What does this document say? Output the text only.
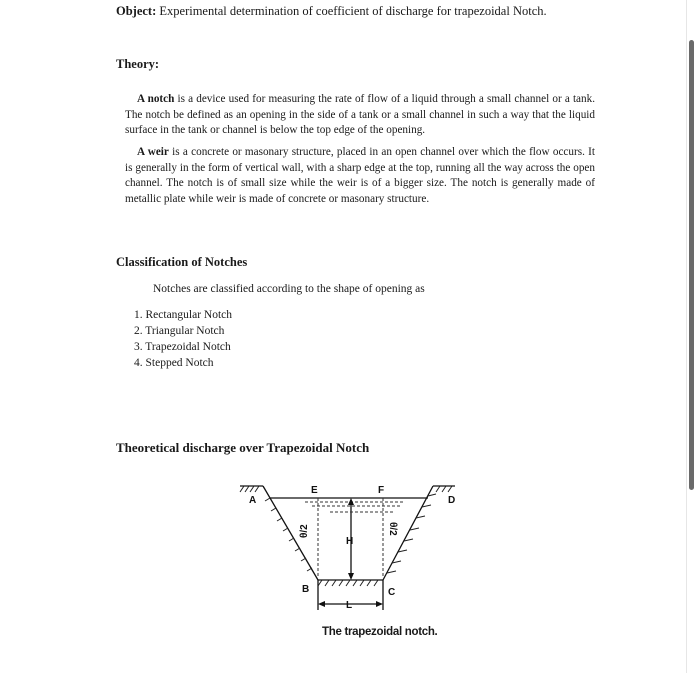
Object: Experimental determination of coefficient of discharge for trapezoidal Notch.
Theory:
A notch is a device used for measuring the rate of flow of a liquid through a small channel or a tank. The notch be defined as an opening in the side of a tank or a small channel in such a way that the liquid surface in the tank or channel is below the top edge of the opening.
A weir is a concrete or masonary structure, placed in an open channel over which the flow occurs. It is generally in the form of vertical wall, with a sharp edge at the top, running all the way across the open channel. The notch is of small size while the weir is of a bigger size. The notch is generally made of metallic plate while weir is made of concrete or masonary structure.
Classification of Notches
Notches are classified according to the shape of opening as
1. Rectangular Notch
2. Triangular Notch
3. Trapezoidal Notch
4. Stepped Notch
Theoretical discharge over Trapezoidal Notch
A
E	F
D
H
B	C
L
θ/2	θ/2
The trapezoidal notch.
